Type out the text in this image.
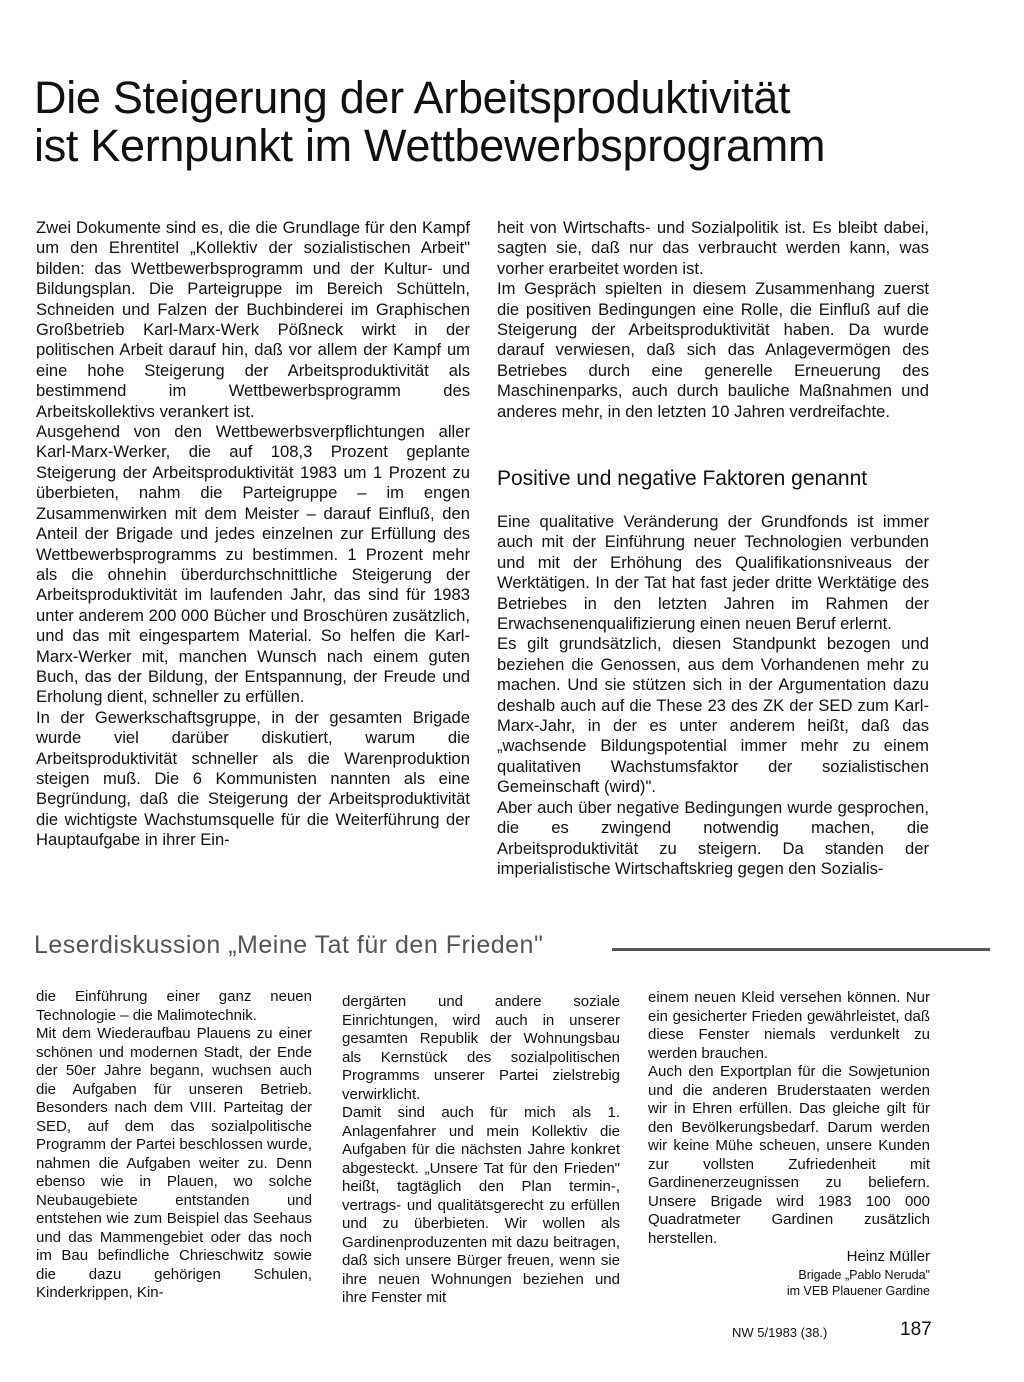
Die Steigerung der Arbeitsproduktivität
ist Kernpunkt im Wettbewerbsprogramm

Zwei Dokumente sind es, die die Grundlage für den Kampf um den Ehrentitel „Kollektiv der sozialistischen Arbeit" bilden: das Wettbewerbsprogramm und der Kultur- und Bildungsplan. Die Parteigruppe im Bereich Schütteln, Schneiden und Falzen der Buchbinderei im Graphischen Großbetrieb Karl-Marx-Werk Pößneck wirkt in der politischen Arbeit darauf hin, daß vor allem der Kampf um eine hohe Steigerung der Arbeitsproduktivität als bestimmend im Wettbewerbsprogramm des Arbeitskollektivs verankert ist.

Ausgehend von den Wettbewerbsverpflichtungen aller Karl-Marx-Werker, die auf 108,3 Prozent geplante Steigerung der Arbeitsproduktivität 1983 um 1 Prozent zu überbieten, nahm die Parteigruppe – im engen Zusammenwirken mit dem Meister – darauf Einfluß, den Anteil der Brigade und jedes einzelnen zur Erfüllung des Wettbewerbsprogramms zu bestimmen. 1 Prozent mehr als die ohnehin überdurchschnittliche Steigerung der Arbeitsproduktivität im laufenden Jahr, das sind für 1983 unter anderem 200 000 Bücher und Broschüren zusätzlich, und das mit eingespartem Material. So helfen die Karl-Marx-Werker mit, manchen Wunsch nach einem guten Buch, das der Bildung, der Entspannung, der Freude und Erholung dient, schneller zu erfüllen.

In der Gewerkschaftsgruppe, in der gesamten Brigade wurde viel darüber diskutiert, warum die Arbeitsproduktivität schneller als die Warenproduktion steigen muß. Die 6 Kommunisten nannten als eine Begründung, daß die Steigerung der Arbeitsproduktivität die wichtigste Wachstumsquelle für die Weiterführung der Hauptaufgabe in ihrer Ein-

heit von Wirtschafts- und Sozialpolitik ist. Es bleibt dabei, sagten sie, daß nur das verbraucht werden kann, was vorher erarbeitet worden ist.

Im Gespräch spielten in diesem Zusammenhang zuerst die positiven Bedingungen eine Rolle, die Einfluß auf die Steigerung der Arbeitsproduktivität haben. Da wurde darauf verwiesen, daß sich das Anlagevermögen des Betriebes durch eine generelle Erneuerung des Maschinenparks, auch durch bauliche Maßnahmen und anderes mehr, in den letzten 10 Jahren verdreifachte.

Positive und negative Faktoren genannt

Eine qualitative Veränderung der Grundfonds ist immer auch mit der Einführung neuer Technologien verbunden und mit der Erhöhung des Qualifikationsniveaus der Werktätigen. In der Tat hat fast jeder dritte Werktätige des Betriebes in den letzten Jahren im Rahmen der Erwachsenenqualifizierung einen neuen Beruf erlernt.

Es gilt grundsätzlich, diesen Standpunkt bezogen und beziehen die Genossen, aus dem Vorhandenen mehr zu machen. Und sie stützen sich in der Argumentation dazu deshalb auch auf die These 23 des ZK der SED zum Karl-Marx-Jahr, in der es unter anderem heißt, daß das „wachsende Bildungspotential immer mehr zu einem qualitativen Wachstumsfaktor der sozialistischen Gemeinschaft (wird)".

Aber auch über negative Bedingungen wurde gesprochen, die es zwingend notwendig machen, die Arbeitsproduktivität zu steigern. Da standen der imperialistische Wirtschaftskrieg gegen den Sozialis-

Leserdiskussion „Meine Tat für den Frieden"

die Einführung einer ganz neuen Technologie – die Malimotechnik.

Mit dem Wiederaufbau Plauens zu einer schönen und modernen Stadt, der Ende der 50er Jahre begann, wuchsen auch die Aufgaben für unseren Betrieb. Besonders nach dem VIII. Parteitag der SED, auf dem das sozialpolitische Programm der Partei beschlossen wurde, nahmen die Aufgaben weiter zu. Denn ebenso wie in Plauen, wo solche Neubaugebiete entstanden und entstehen wie zum Beispiel das Seehaus und das Mammengebiet oder das noch im Bau befindliche Chrieschwitz sowie die dazu gehörigen Schulen, Kinderkrippen, Kin-

dergärten und andere soziale Einrichtungen, wird auch in unserer gesamten Republik der Wohnungsbau als Kernstück des sozialpolitischen Programms unserer Partei zielstrebig verwirklicht.

Damit sind auch für mich als 1. Anlagenfahrer und mein Kollektiv die Aufgaben für die nächsten Jahre konkret abgesteckt. „Unsere Tat für den Frieden" heißt, tagtäglich den Plan termin-, vertrags- und qualitätsgerecht zu erfüllen und zu überbieten. Wir wollen als Gardinenproduzenten mit dazu beitragen, daß sich unsere Bürger freuen, wenn sie ihre neuen Wohnungen beziehen und ihre Fenster mit

einem neuen Kleid versehen können. Nur ein gesicherter Frieden gewährleistet, daß diese Fenster niemals verdunkelt zu werden brauchen.

Auch den Exportplan für die Sowjetunion und die anderen Bruderstaaten werden wir in Ehren erfüllen. Das gleiche gilt für den Bevölkerungsbedarf. Darum werden wir keine Mühe scheuen, unsere Kunden zur vollsten Zufriedenheit mit Gardinenerzeugnissen zu beliefern. Unsere Brigade wird 1983 100 000 Quadratmeter Gardinen zusätzlich herstellen.

Heinz Müller
Brigade „Pablo Neruda"
im VEB Plauener Gardine
NW 5/1983 (38.)	187
